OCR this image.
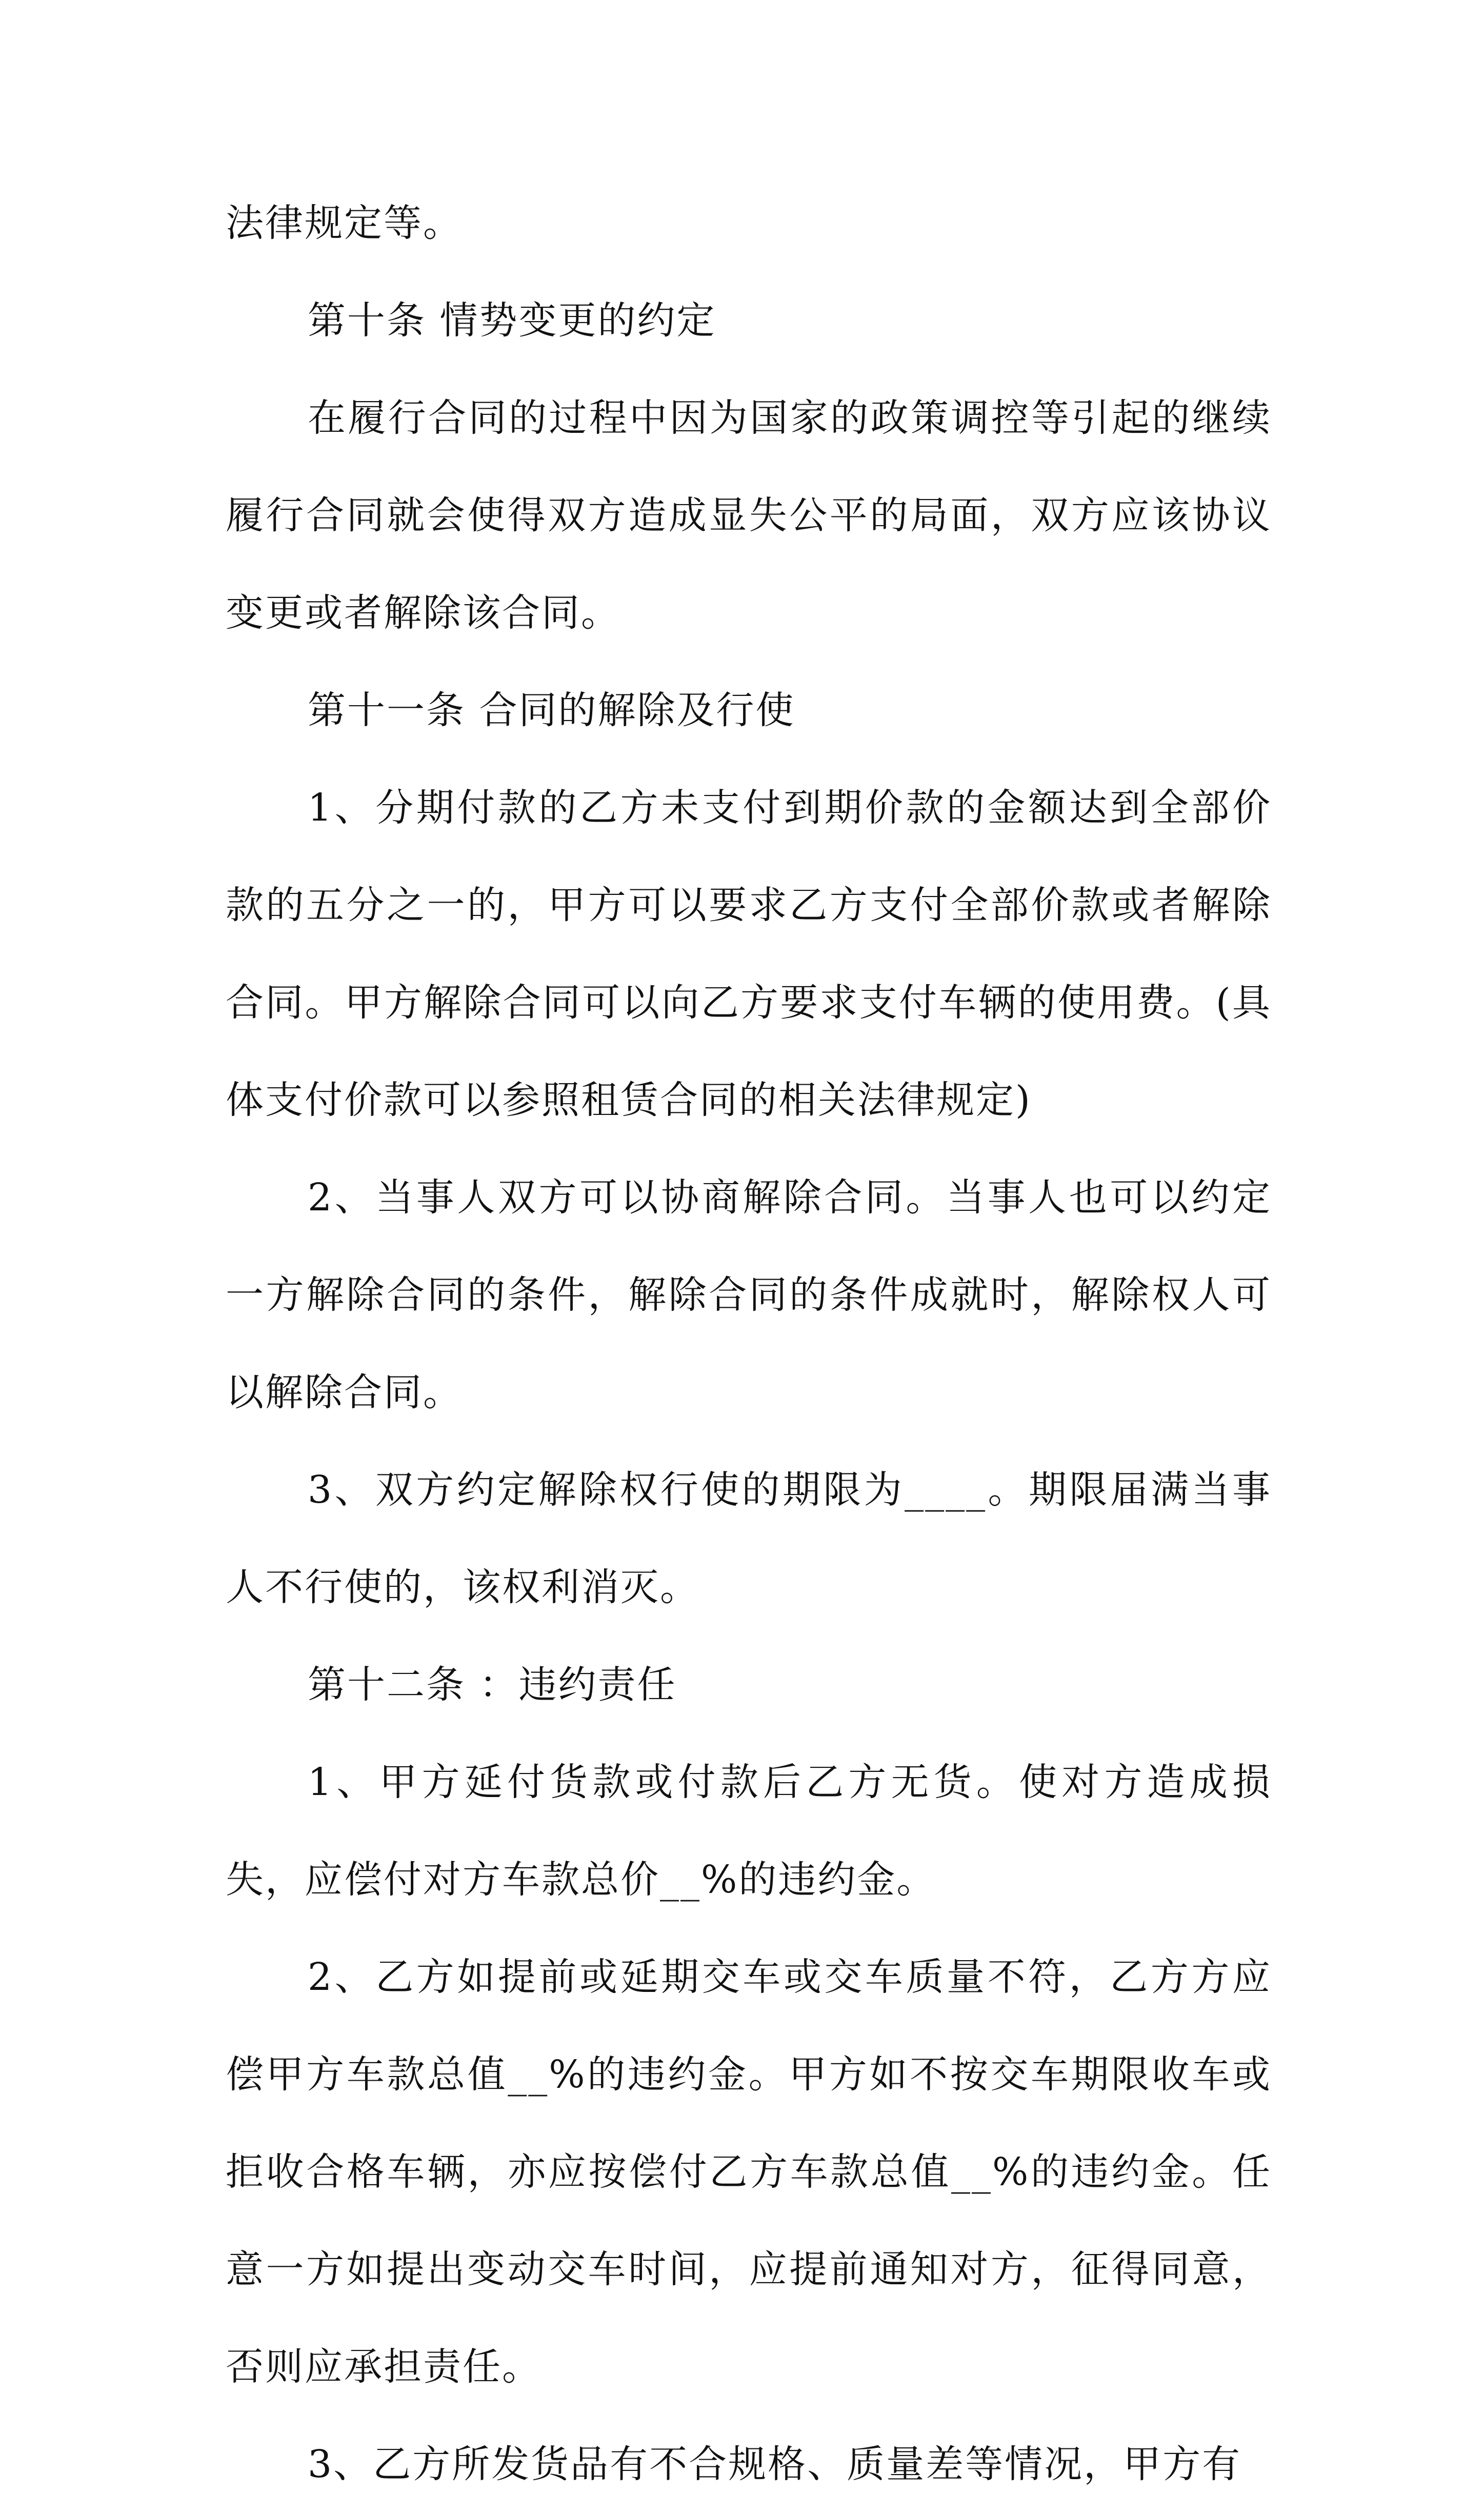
法律规定等。

第十条 情势变更的约定

在履行合同的过程中因为国家的政策调控等引起的继续履行合同就会使得双方造成显失公平的局面，双方应该协议变更或者解除该合同。

第十一条 合同的解除及行使

1、分期付款的乙方未支付到期价款的金额达到全部价款的五分之一的，甲方可以要求乙方支付全部价款或者解除合同。甲方解除合同可以向乙方要求支付车辆的使用费。(具体支付价款可以参照租赁合同的相关法律规定)

2、当事人双方可以协商解除合同。当事人也可以约定一方解除合同的条件，解除合同的条件成就时，解除权人可以解除合同。

3、双方约定解除权行使的期限为____。期限届满当事人不行使的，该权利消灭。

第十二条 ：违约责任

1、甲方延付货款或付款后乙方无货。使对方造成损失，应偿付对方车款总价__%的违约金。

2、乙方如提前或延期交车或交车质量不符，乙方方应偿甲方车款总值__%的违约金。甲方如不按交车期限收车或拒收合格车辆，亦应按偿付乙方车款总值__%的违约金。任意一方如提出变动交车时间，应提前通知对方，征得同意，否则应承担责任。

3、乙方所发货品有不合规格、质量差等情况，甲方有
